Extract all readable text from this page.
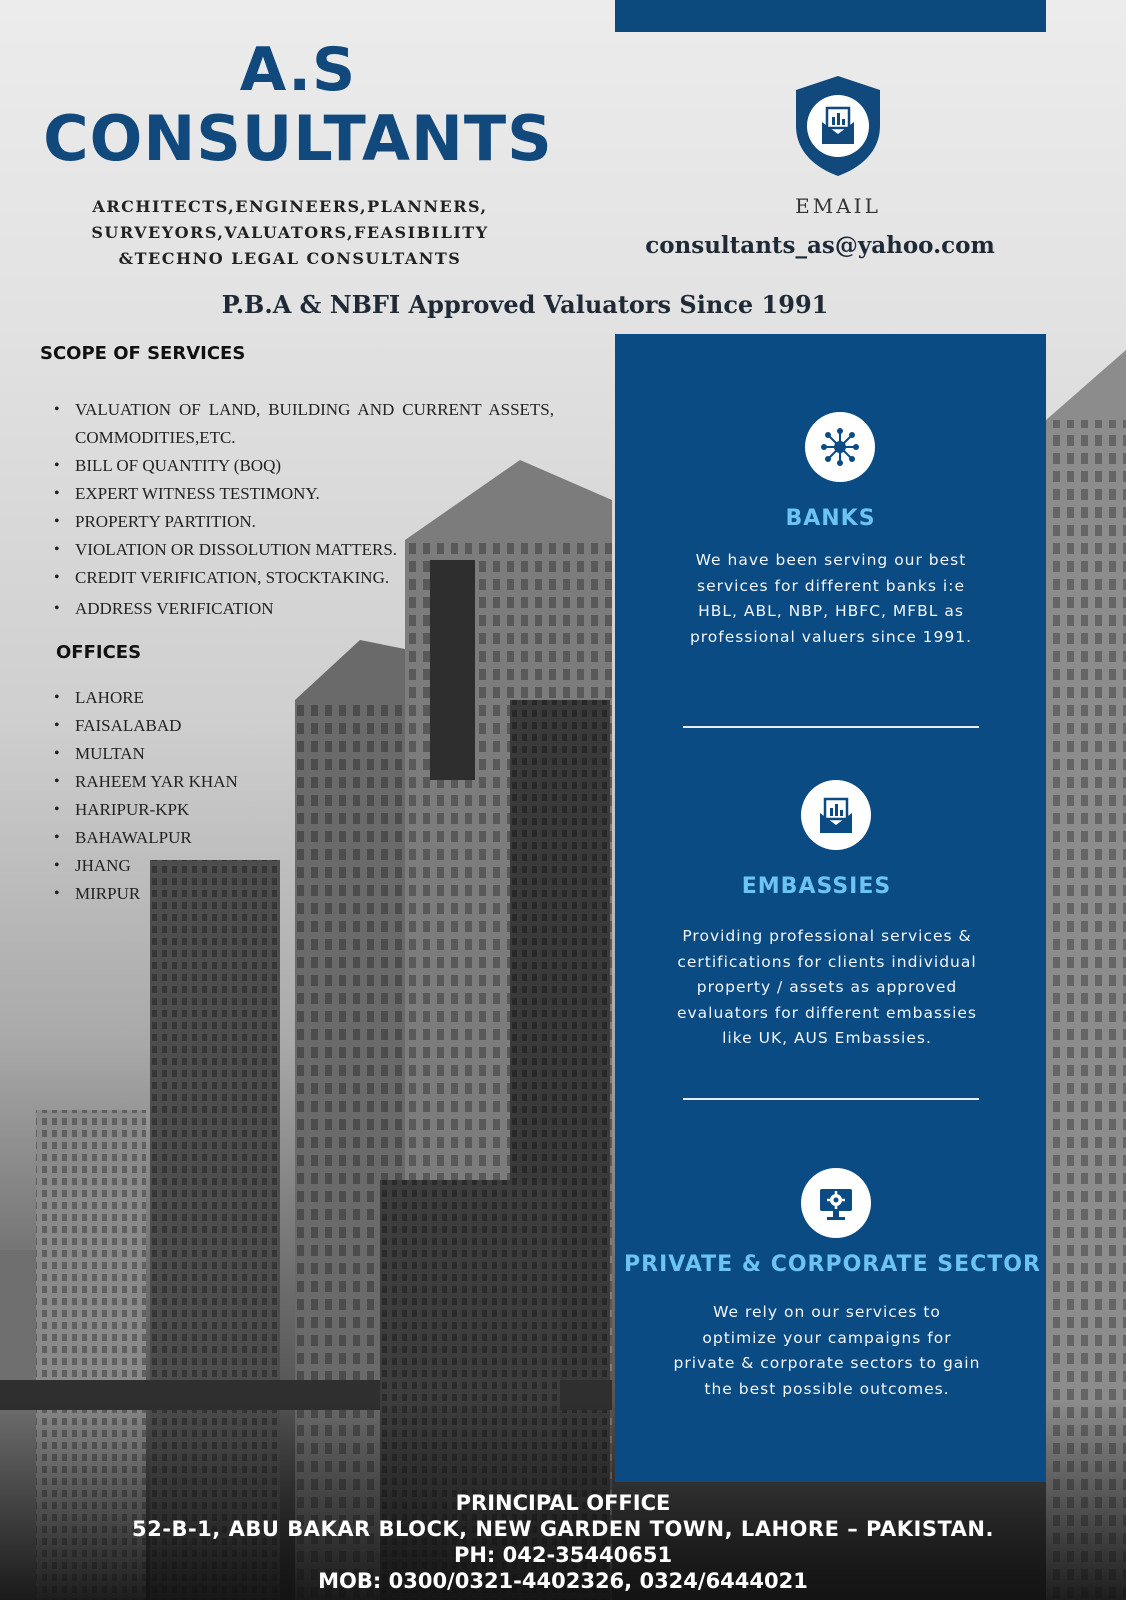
A.S
CONSULTANTS
ARCHITECTS,ENGINEERS,PLANNERS,
SURVEYORS,VALUATORS,FEASIBILITY
&TECHNO LEGAL CONSULTANTS
EMAIL
consultants_as@yahoo.com
P.B.A & NBFI Approved Valuators Since 1991
SCOPE OF SERVICES
• VALUATION OF LAND, BUILDING AND CURRENT ASSETS, COMMODITIES,ETC.
• BILL OF QUANTITY (BOQ)
• EXPERT WITNESS TESTIMONY.
• PROPERTY PARTITION.
• VIOLATION OR DISSOLUTION MATTERS.
• CREDIT VERIFICATION, STOCKTAKING.
• ADDRESS VERIFICATION
OFFICES
• LAHORE
• FAISALABAD
• MULTAN
• RAHEEM YAR KHAN
• HARIPUR-KPK
• BAHAWALPUR
• JHANG
• MIRPUR
BANKS
We have been serving our best services for different banks i:e HBL, ABL, NBP, HBFC, MFBL as professional valuers since 1991.
EMBASSIES
Providing professional services & certifications for clients individual property / assets as approved evaluators for different embassies like UK, AUS Embassies.
PRIVATE & CORPORATE SECTOR
We rely on our services to optimize your campaigns for private & corporate sectors to gain the best possible outcomes.
PRINCIPAL OFFICE
52-B-1, ABU BAKAR BLOCK, NEW GARDEN TOWN, LAHORE – PAKISTAN.
PH: 042-35440651
MOB: 0300/0321-4402326, 0324/6444021
